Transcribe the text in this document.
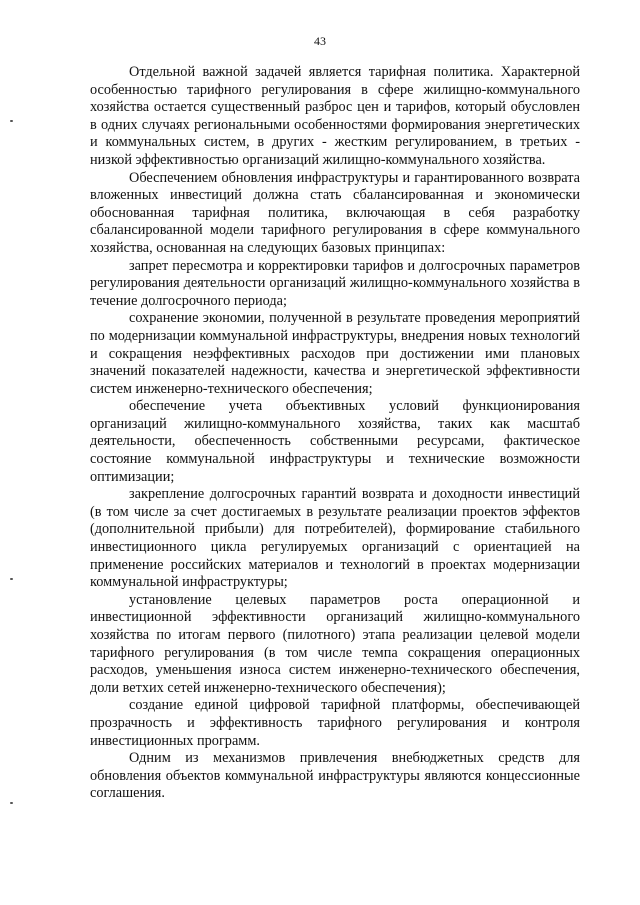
43

Отдельной важной задачей является тарифная политика. Характерной особенностью тарифного регулирования в сфере жилищно-коммунального хозяйства остается существенный разброс цен и тарифов, который обусловлен в одних случаях региональными особенностями формирования энергетических и коммунальных систем, в других - жестким регулированием, в третьих - низкой эффективностью организаций жилищно-коммунального хозяйства.

Обеспечением обновления инфраструктуры и гарантированного возврата вложенных инвестиций должна стать сбалансированная и экономически обоснованная тарифная политика, включающая в себя разработку сбалансированной модели тарифного регулирования в сфере коммунального хозяйства, основанная на следующих базовых принципах:

запрет пересмотра и корректировки тарифов и долгосрочных параметров регулирования деятельности организаций жилищно-коммунального хозяйства в течение долгосрочного периода;

сохранение экономии, полученной в результате проведения мероприятий по модернизации коммунальной инфраструктуры, внедрения новых технологий и сокращения неэффективных расходов при достижении ими плановых значений показателей надежности, качества и энергетической эффективности систем инженерно-технического обеспечения;

обеспечение учета объективных условий функционирования организаций жилищно-коммунального хозяйства, таких как масштаб деятельности, обеспеченность собственными ресурсами, фактическое состояние коммунальной инфраструктуры и технические возможности оптимизации;

закрепление долгосрочных гарантий возврата и доходности инвестиций (в том числе за счет достигаемых в результате реализации проектов эффектов (дополнительной прибыли) для потребителей), формирование стабильного инвестиционного цикла регулируемых организаций с ориентацией на применение российских материалов и технологий в проектах модернизации коммунальной инфраструктуры;

установление целевых параметров роста операционной и инвестиционной эффективности организаций жилищно-коммунального хозяйства по итогам первого (пилотного) этапа реализации целевой модели тарифного регулирования (в том числе темпа сокращения операционных расходов, уменьшения износа систем инженерно-технического обеспечения, доли ветхих сетей инженерно-технического обеспечения);

создание единой цифровой тарифной платформы, обеспечивающей прозрачность и эффективность тарифного регулирования и контроля инвестиционных программ.

Одним из механизмов привлечения внебюджетных средств для обновления объектов коммунальной инфраструктуры являются концессионные соглашения.
